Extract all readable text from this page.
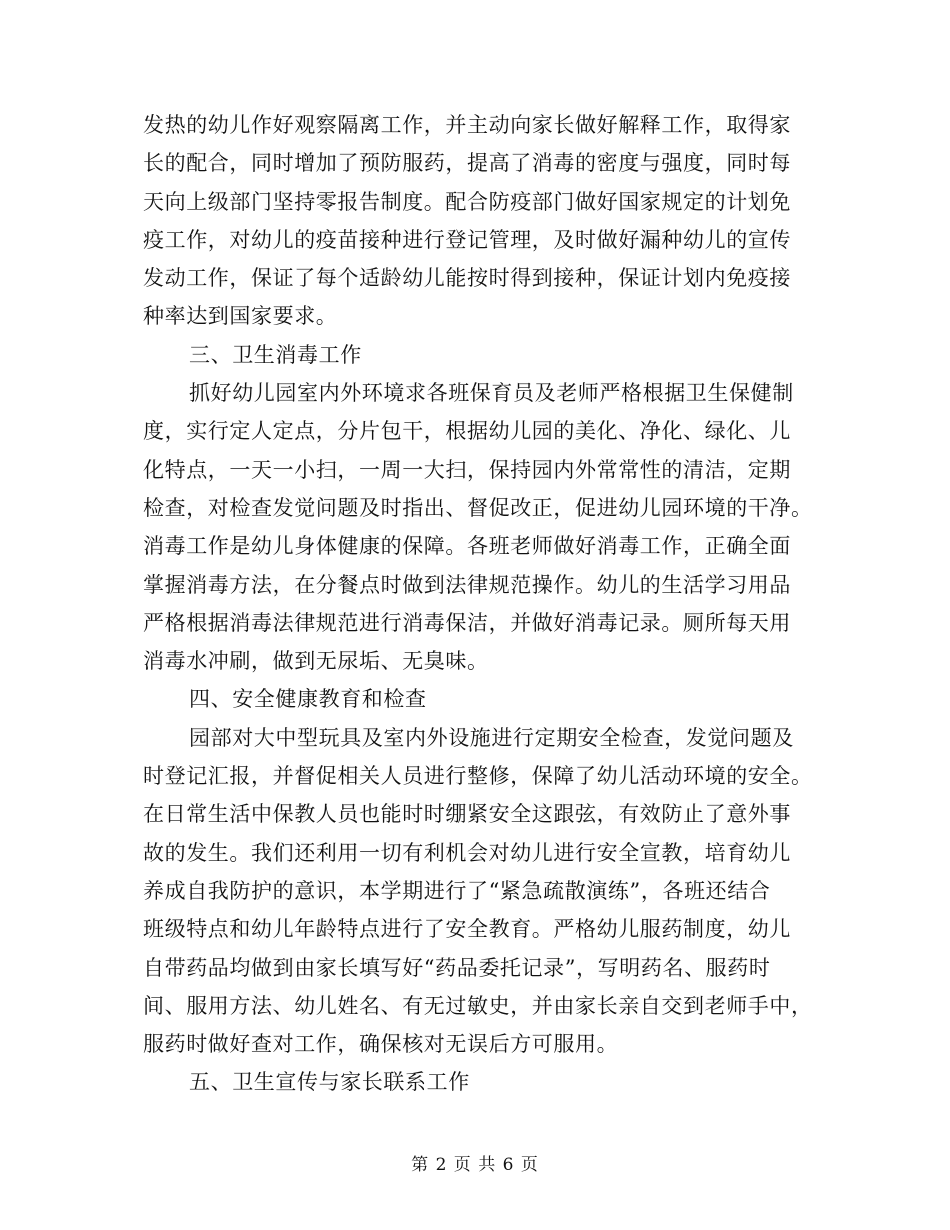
发热的幼儿作好观察隔离工作，并主动向家长做好解释工作，取得家
长的配合，同时增加了预防服药，提高了消毒的密度与强度，同时每
天向上级部门坚持零报告制度。配合防疫部门做好国家规定的计划免
疫工作，对幼儿的疫苗接种进行登记管理，及时做好漏种幼儿的宣传
发动工作，保证了每个适龄幼儿能按时得到接种，保证计划内免疫接
种率达到国家要求。
三、卫生消毒工作
抓好幼儿园室内外环境求各班保育员及老师严格根据卫生保健制
度，实行定人定点，分片包干，根据幼儿园的美化、净化、绿化、儿
化特点，一天一小扫，一周一大扫，保持园内外常常性的清洁，定期
检查，对检查发觉问题及时指出、督促改正，促进幼儿园环境的干净。
消毒工作是幼儿身体健康的保障。各班老师做好消毒工作，正确全面
掌握消毒方法，在分餐点时做到法律规范操作。幼儿的生活学习用品
严格根据消毒法律规范进行消毒保洁，并做好消毒记录。厕所每天用
消毒水冲刷，做到无尿垢、无臭味。
四、安全健康教育和检查
园部对大中型玩具及室内外设施进行定期安全检查，发觉问题及
时登记汇报，并督促相关人员进行整修，保障了幼儿活动环境的安全。
在日常生活中保教人员也能时时绷紧安全这跟弦，有效防止了意外事
故的发生。我们还利用一切有利机会对幼儿进行安全宣教，培育幼儿
养成自我防护的意识，本学期进行了“紧急疏散演练”，各班还结合
班级特点和幼儿年龄特点进行了安全教育。严格幼儿服药制度，幼儿
自带药品均做到由家长填写好“药品委托记录”，写明药名、服药时
间、服用方法、幼儿姓名、有无过敏史，并由家长亲自交到老师手中，
服药时做好查对工作，确保核对无误后方可服用。
五、卫生宣传与家长联系工作
第 2 页 共 6 页
